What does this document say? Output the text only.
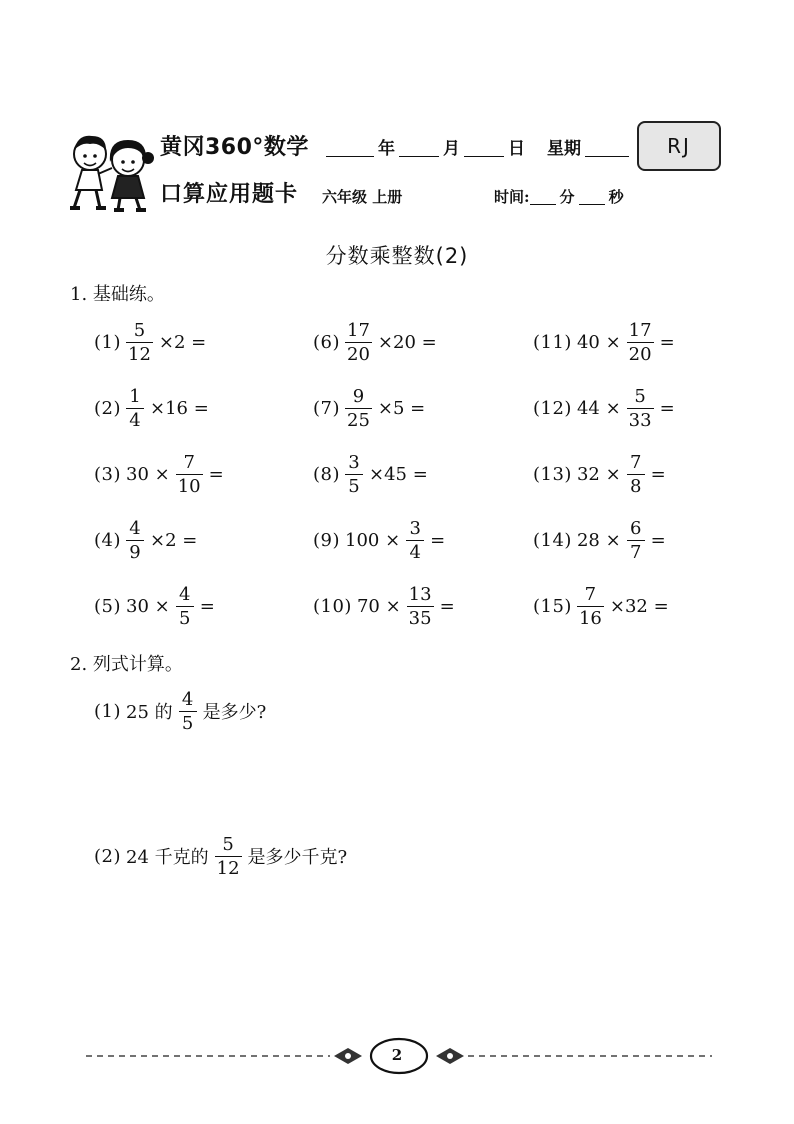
黄冈360°数学
口算应用题卡
年	月	日 星期	RJ
六年级 上册	时间: 分 秒
分数乘整数(2)
1. 基础练。
$(1) \frac{5}{12} \times 2$ =
$(2) \frac{1}{4} \times 16$ =
(3) $30 \times \frac{7}{10}$ =
$(4) \frac{4}{9} \times 2$ =
(5) $30 \times \frac{4}{5}$ =
$(6) \frac{17}{20} \times 20$ =
$(7) \frac{9}{25} \times 5$ =
$(8) \frac{3}{5} \times 45$ =
(9) $100 \times \frac{3}{4}$ =
(10) $70 \times \frac{13}{35}$ =
(11) $40 \times \frac{17}{20}$ =
(12) $44 \times \frac{5}{33}$ =
(13) $32 \times \frac{7}{8}$ =
(14) $28 \times \frac{6}{7}$ =
$(15) \frac{7}{16} \times 32$ =
2. 列式计算。
(1) 25 的 $\frac{4}{5}$ 是多少?
(2) 24 千克的 $\frac{5}{12}$ 是多少千克?
2
